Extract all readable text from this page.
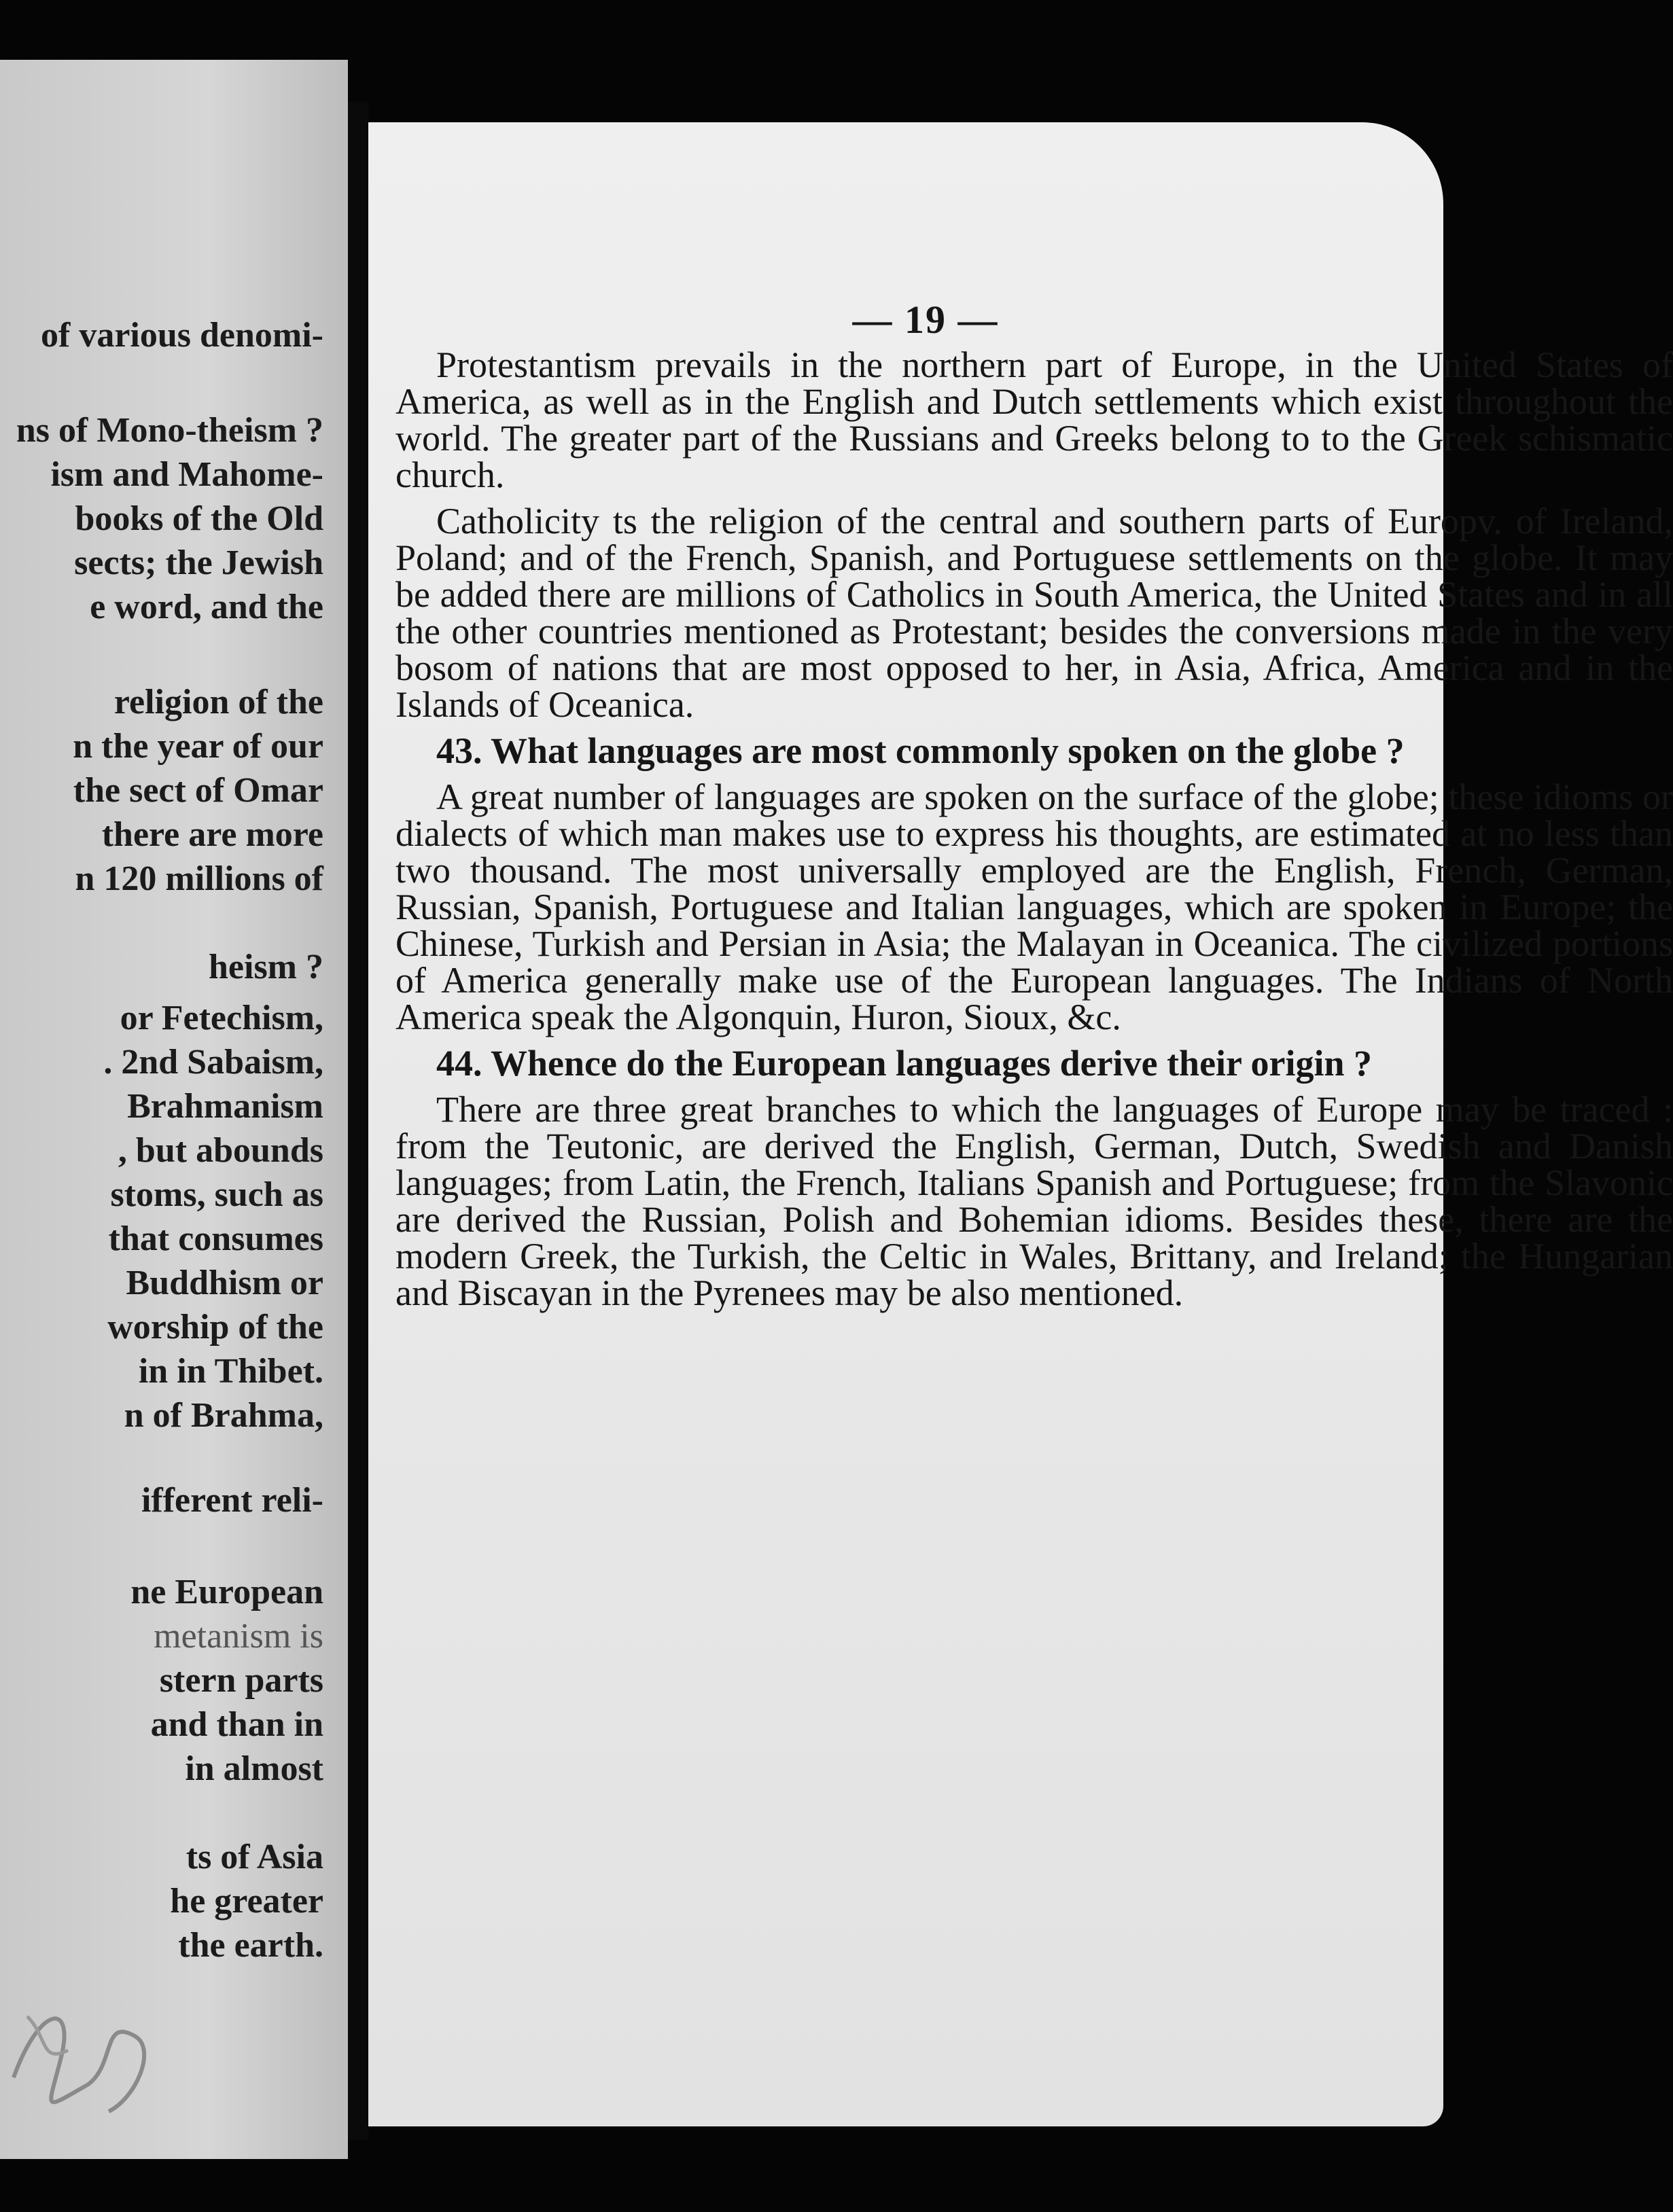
of various denomi-
ns of Mono-theism ?
ism and Mahome-
books of the Old
sects; the Jewish
e word, and the
religion of the
n the year of our
the sect of Omar
there are more
n 120 millions of
heism ?
or Fetechism,
. 2nd Sabaism,
Brahmanism
, but abounds
stoms, such as
that consumes
Buddhism or
worship of the
in in Thibet.
n of Brahma,
ifferent reli-
ne European
metanism is
stern parts
and than in
in almost
ts of Asia
he greater
the earth.
— 19 —

Protestantism prevails in the northern part of Europe, in the United States of America, as well as in the English and Dutch settlements which exist throughout the world. The greater part of the Russians and Greeks belong to to the Greek schismatic church.

Catholicity ts the religion of the central and southern parts of Europv. of Ireland, Poland; and of the French, Spanish, and Portuguese settlements on the globe. It may be added there are millions of Catholics in South America, the United States and in all the other countries mentioned as Protestant; besides the conversions made in the very bosom of nations that are most opposed to her, in Asia, Africa, America and in the Islands of Oceanica.

43. What languages are most commonly spoken on the globe ?

A great number of languages are spoken on the surface of the globe; these idioms or dialects of which man makes use to express his thoughts, are estimated at no less than two thousand. The most universally employed are the English, French, German, Russian, Spanish, Portuguese and Italian languages, which are spoken in Europe; the Chinese, Turkish and Persian in Asia; the Malayan in Oceanica. The civilized portions of America generally make use of the European languages. The Indians of North America speak the Algonquin, Huron, Sioux, &c.

44. Whence do the European languages derive their origin ?

There are three great branches to which the languages of Europe may be traced : from the Teutonic, are derived the English, German, Dutch, Swedish and Danish languages; from Latin, the French, Italians Spanish and Portuguese; from the Slavonic are derived the Russian, Polish and Bohemian idioms. Besides these, there are the modern Greek, the Turkish, the Celtic in Wales, Brittany, and Ireland; the Hungarian and Biscayan in the Pyrenees may be also mentioned.
